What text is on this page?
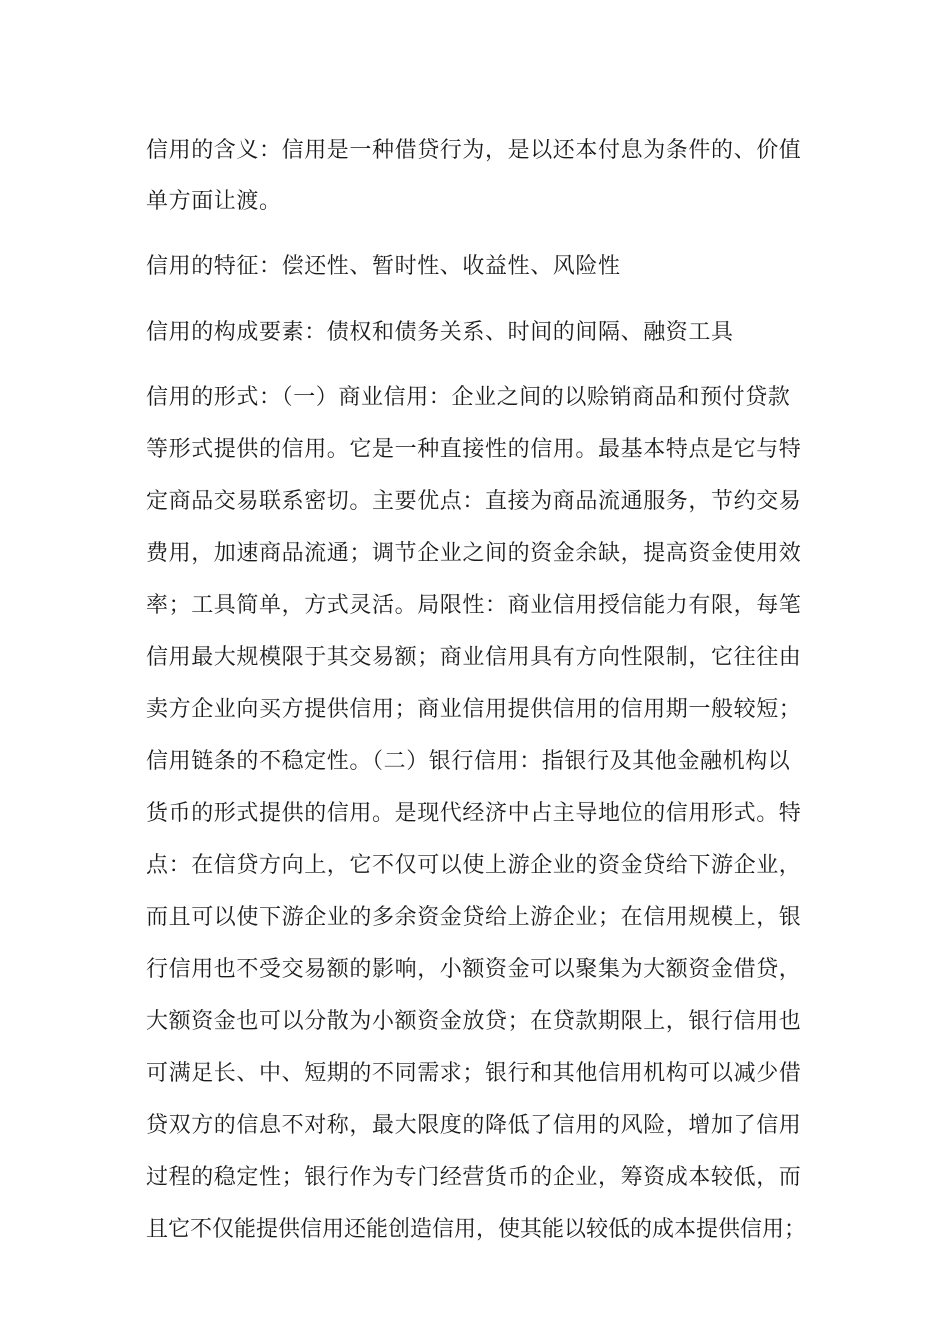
信用的含义：信用是一种借贷行为，是以还本付息为条件的、价值
单方面让渡。
信用的特征：偿还性、暂时性、收益性、风险性
信用的构成要素：债权和债务关系、时间的间隔、融资工具
信用的形式：（一）商业信用：企业之间的以赊销商品和预付贷款
等形式提供的信用。它是一种直接性的信用。最基本特点是它与特
定商品交易联系密切。主要优点：直接为商品流通服务，节约交易
费用，加速商品流通；调节企业之间的资金余缺，提高资金使用效
率；工具简单，方式灵活。局限性：商业信用授信能力有限，每笔
信用最大规模限于其交易额；商业信用具有方向性限制，它往往由
卖方企业向买方提供信用；商业信用提供信用的信用期一般较短；
信用链条的不稳定性。（二）银行信用：指银行及其他金融机构以
货币的形式提供的信用。是现代经济中占主导地位的信用形式。特
点：在信贷方向上，它不仅可以使上游企业的资金贷给下游企业，
而且可以使下游企业的多余资金贷给上游企业；在信用规模上，银
行信用也不受交易额的影响，小额资金可以聚集为大额资金借贷，
大额资金也可以分散为小额资金放贷；在贷款期限上，银行信用也
可满足长、中、短期的不同需求；银行和其他信用机构可以减少借
贷双方的信息不对称，最大限度的降低了信用的风险，增加了信用
过程的稳定性；银行作为专门经营货币的企业，筹资成本较低，而
且它不仅能提供信用还能创造信用，使其能以较低的成本提供信用；
